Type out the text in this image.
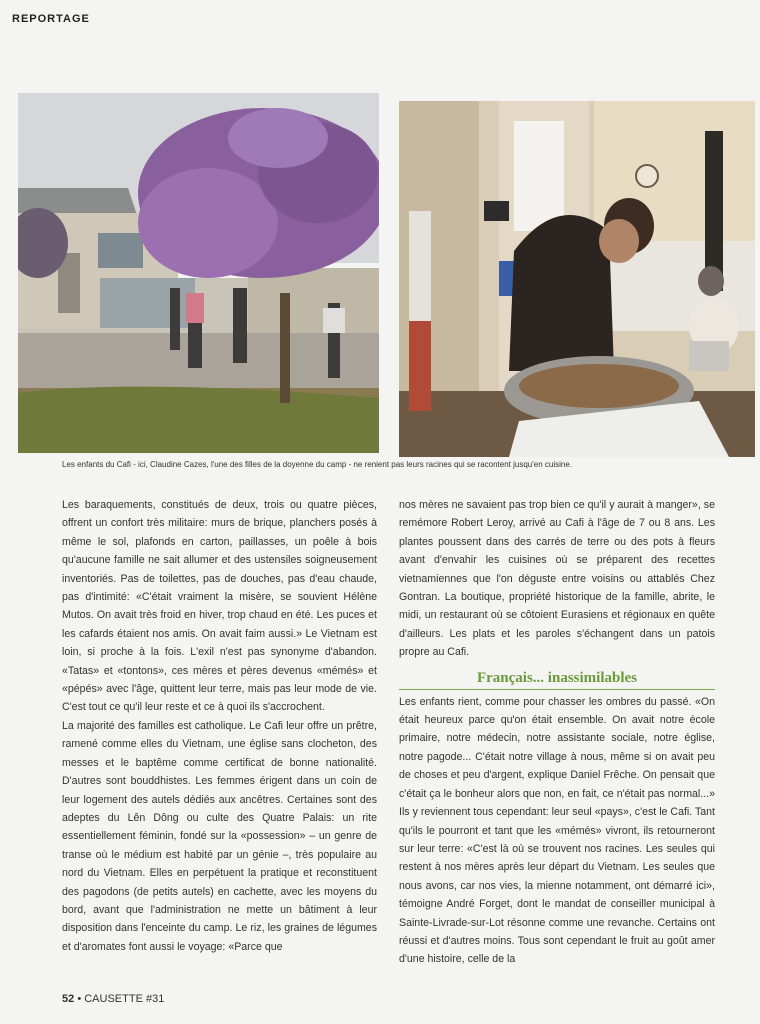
REPORTAGE
Les enfants du Cafi - ici, Claudine Cazes, l'une des filles de la doyenne du camp - ne renient pas leurs racines qui se racontent jusqu'en cuisine.

Les baraquements, constitués de deux, trois ou quatre pièces, offrent un confort très militaire: murs de brique, planchers posés à même le sol, plafonds en carton, paillasses, un poêle à bois qu'aucune famille ne sait allumer et des ustensiles soigneusement inventoriés. Pas de toilettes, pas de douches, pas d'eau chaude, pas d'intimité: «C'était vraiment la misère, se souvient Hélène Mutos. On avait très froid en hiver, trop chaud en été. Les puces et les cafards étaient nos amis. On avait faim aussi.» Le Vietnam est loin, si proche à la fois. L'exil n'est pas synonyme d'abandon. «Tatas» et «tontons», ces mères et pères devenus «mémés» et «pépés» avec l'âge, quittent leur terre, mais pas leur mode de vie. C'est tout ce qu'il leur reste et ce à quoi ils s'accrochent.

La majorité des familles est catholique. Le Cafi leur offre un prêtre, ramené comme elles du Vietnam, une église sans clocheton, des messes et le baptême comme certificat de bonne nationalité. D'autres sont bouddhistes. Les femmes érigent dans un coin de leur logement des autels dédiés aux ancêtres. Certaines sont des adeptes du Lên Dông ou culte des Quatre Palais: un rite essentiellement féminin, fondé sur la «possession» – un genre de transe où le médium est habité par un génie –, très populaire au nord du Vietnam. Elles en perpétuent la pratique et reconstituent des pagodons (de petits autels) en cachette, avec les moyens du bord, avant que l'administration ne mette un bâtiment à leur disposition dans l'enceinte du camp. Le riz, les graines de légumes et d'aromates font aussi le voyage: «Parce que

nos mères ne savaient pas trop bien ce qu'il y aurait à manger», se remémore Robert Leroy, arrivé au Cafi à l'âge de 7 ou 8 ans. Les plantes poussent dans des carrés de terre ou des pots à fleurs avant d'envahir les cuisines où se préparent des recettes vietnamiennes que l'on déguste entre voisins ou attablés Chez Gontran. La boutique, propriété historique de la famille, abrite, le midi, un restaurant où se côtoient Eurasiens et régionaux en quête d'ailleurs. Les plats et les paroles s'échangent dans un patois propre au Cafi.

Français... inassimilables

Les enfants rient, comme pour chasser les ombres du passé. «On était heureux parce qu'on était ensemble. On avait notre école primaire, notre médecin, notre assistante sociale, notre église, notre pagode... C'était notre village à nous, même si on avait peu de choses et peu d'argent, explique Daniel Frêche. On pensait que c'était ça le bonheur alors que non, en fait, ce n'était pas normal...» Ils y reviennent tous cependant: leur seul «pays», c'est le Cafi. Tant qu'ils le pourront et tant que les «mémés» vivront, ils retourneront sur leur terre: «C'est là où se trouvent nos racines. Les seules qui restent à nos mères après leur départ du Vietnam. Les seules que nous avons, car nos vies, la mienne notamment, ont démarré ici», témoigne André Forget, dont le mandat de conseiller municipal à Sainte-Livrade-sur-Lot résonne comme une revanche. Certains ont réussi et d'autres moins. Tous sont cependant le fruit au goût amer d'une histoire, celle de la

52 • CAUSETTE #31
